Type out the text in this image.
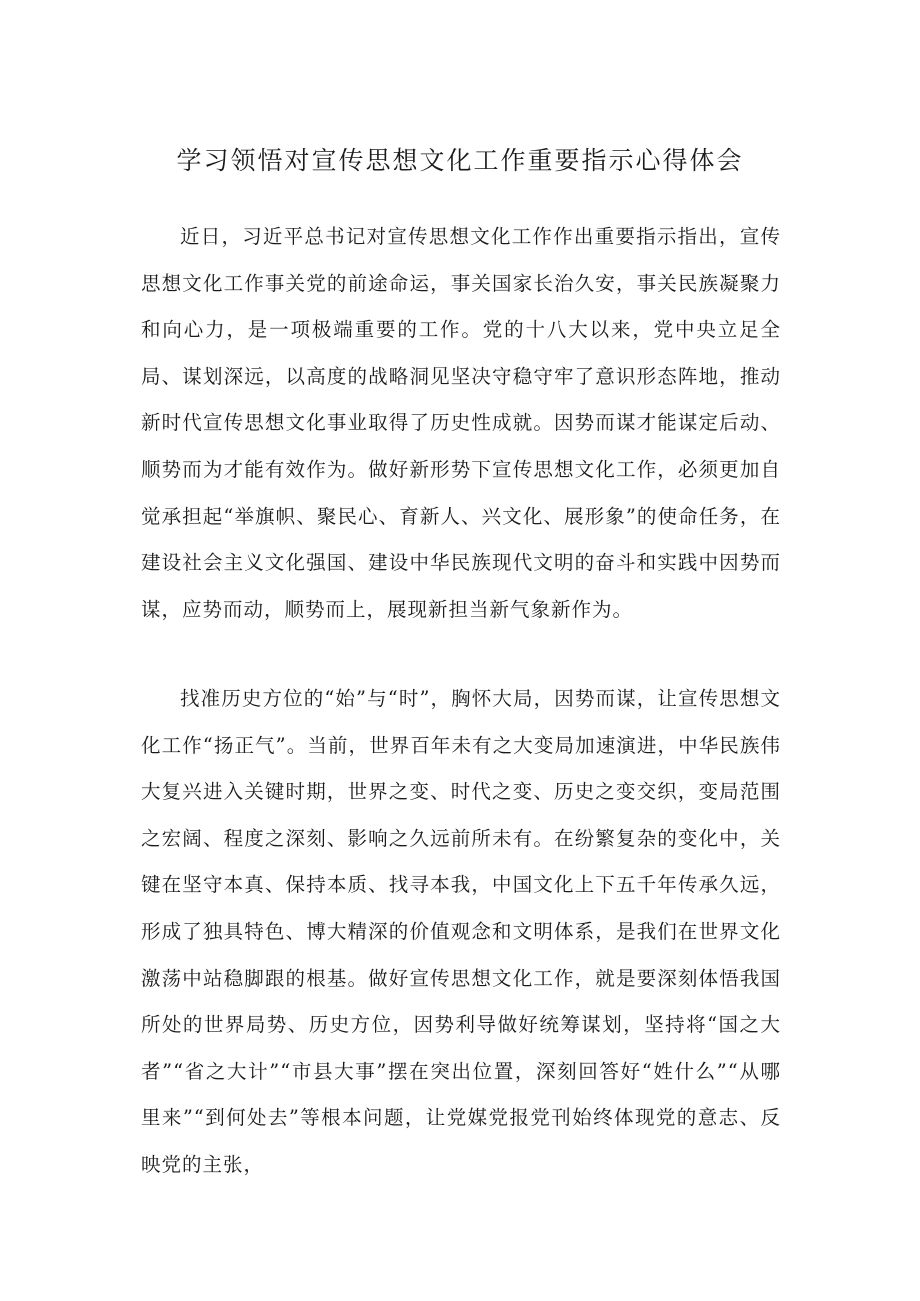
学习领悟对宣传思想文化工作重要指示心得体会

近日，习近平总书记对宣传思想文化工作作出重要指示指出，宣传思想文化工作事关党的前途命运，事关国家长治久安，事关民族凝聚力和向心力，是一项极端重要的工作。党的十八大以来，党中央立足全局、谋划深远，以高度的战略洞见坚决守稳守牢了意识形态阵地，推动新时代宣传思想文化事业取得了历史性成就。因势而谋才能谋定后动、顺势而为才能有效作为。做好新形势下宣传思想文化工作，必须更加自觉承担起“举旗帜、聚民心、育新人、兴文化、展形象”的使命任务，在建设社会主义文化强国、建设中华民族现代文明的奋斗和实践中因势而谋，应势而动，顺势而上，展现新担当新气象新作为。

找准历史方位的“始”与“时”，胸怀大局，因势而谋，让宣传思想文化工作“扬正气”。当前，世界百年未有之大变局加速演进，中华民族伟大复兴进入关键时期，世界之变、时代之变、历史之变交织，变局范围之宏阔、程度之深刻、影响之久远前所未有。在纷繁复杂的变化中，关键在坚守本真、保持本质、找寻本我，中国文化上下五千年传承久远，形成了独具特色、博大精深的价值观念和文明体系，是我们在世界文化激荡中站稳脚跟的根基。做好宣传思想文化工作，就是要深刻体悟我国所处的世界局势、历史方位，因势利导做好统筹谋划，坚持将“国之大者”“省之大计”“市县大事”摆在突出位置，深刻回答好“姓什么”“从哪里来”“到何处去”等根本问题，让党媒党报党刊始终体现党的意志、反映党的主张，
